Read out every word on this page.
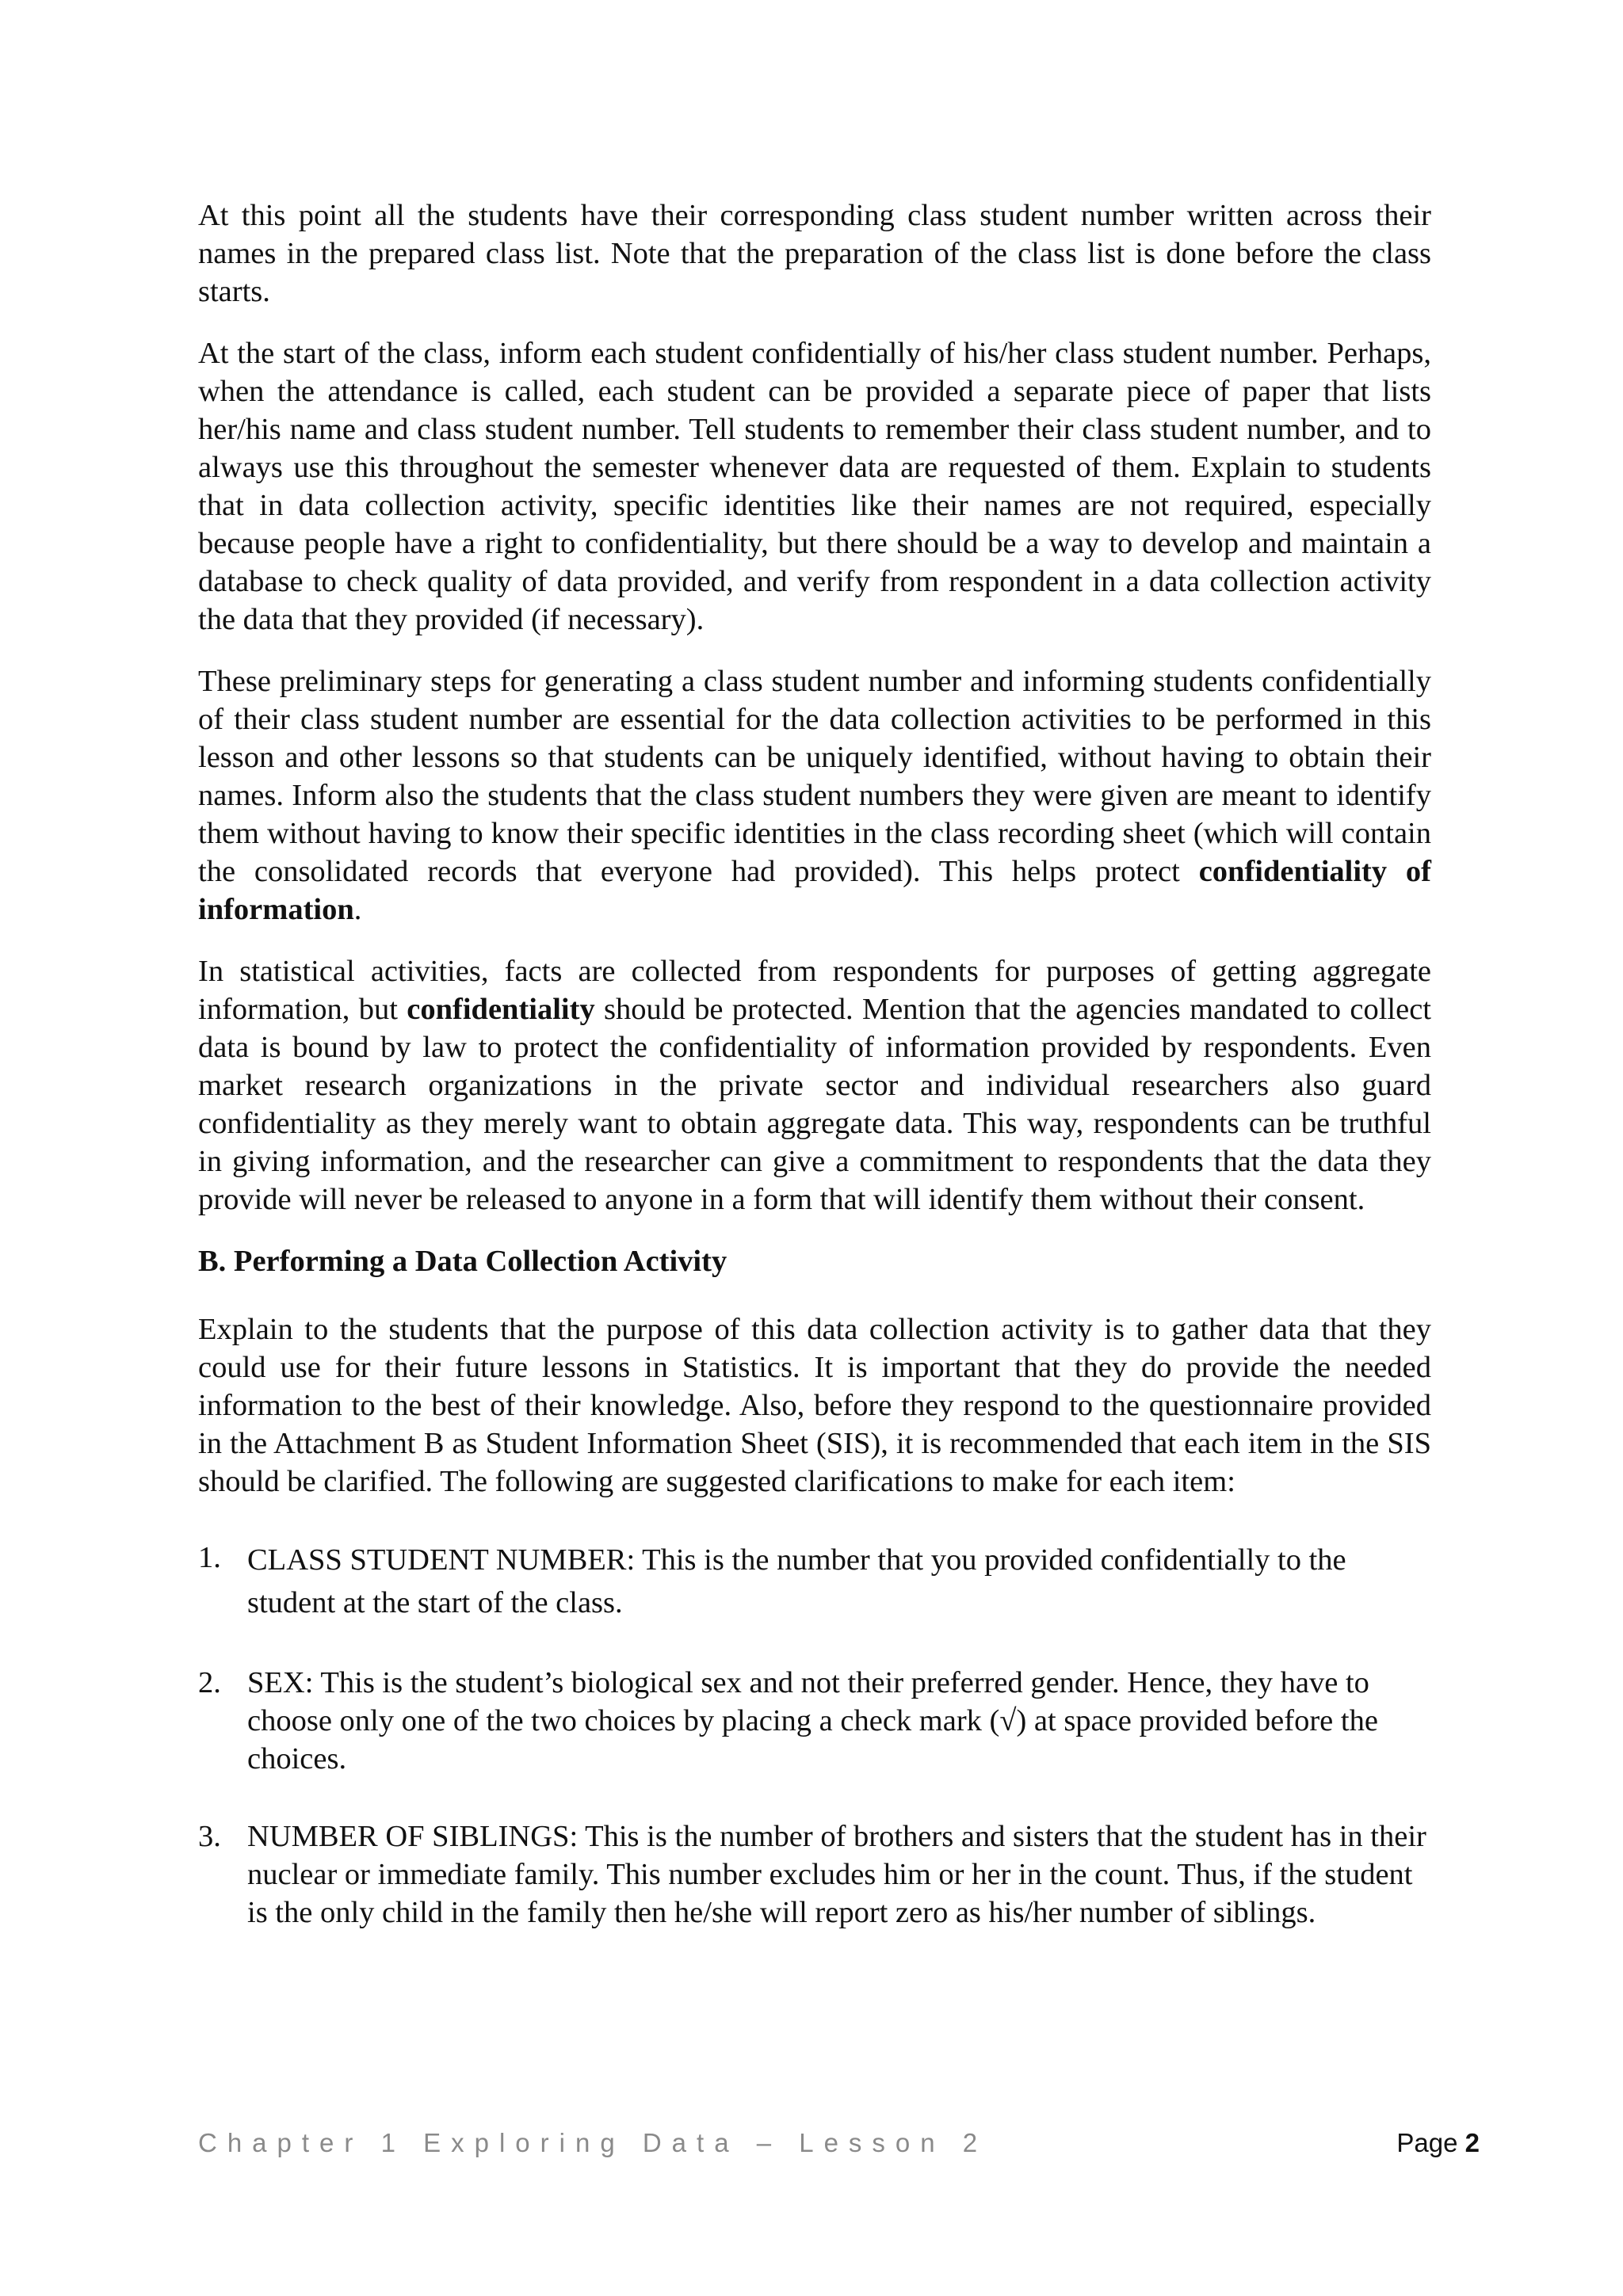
At this point all the students have their corresponding class student number written across their names in the prepared class list. Note that the preparation of the class list is done before the class starts.

At the start of the class, inform each student confidentially of his/her class student number. Perhaps, when the attendance is called, each student can be provided a separate piece of paper that lists her/his name and class student number. Tell students to remember their class student number, and to always use this throughout the semester whenever data are requested of them. Explain to students that in data collection activity, specific identities like their names are not required, especially because people have a right to confidentiality, but there should be a way to develop and maintain a database to check quality of data provided, and verify from respondent in a data collection activity the data that they provided (if necessary).

These preliminary steps for generating a class student number and informing students confidentially of their class student number are essential for the data collection activities to be performed in this lesson and other lessons so that students can be uniquely identified, without having to obtain their names. Inform also the students that the class student numbers they were given are meant to identify them without having to know their specific identities in the class recording sheet (which will contain the consolidated records that everyone had provided). This helps protect confidentiality of information.

In statistical activities, facts are collected from respondents for purposes of getting aggregate information, but confidentiality should be protected. Mention that the agencies mandated to collect data is bound by law to protect the confidentiality of information provided by respondents. Even market research organizations in the private sector and individual researchers also guard confidentiality as they merely want to obtain aggregate data. This way, respondents can be truthful in giving information, and the researcher can give a commitment to respondents that the data they provide will never be released to anyone in a form that will identify them without their consent.

B. Performing a Data Collection Activity

Explain to the students that the purpose of this data collection activity is to gather data that they could use for their future lessons in Statistics. It is important that they do provide the needed information to the best of their knowledge. Also, before they respond to the questionnaire provided in the Attachment B as Student Information Sheet (SIS), it is recommended that each item in the SIS should be clarified. The following are suggested clarifications to make for each item:

1. CLASS STUDENT NUMBER: This is the number that you provided confidentially to the student at the start of the class.
2. SEX: This is the student’s biological sex and not their preferred gender. Hence, they have to choose only one of the two choices by placing a check mark (√) at space provided before the choices.
3. NUMBER OF SIBLINGS: This is the number of brothers and sisters that the student has in their nuclear or immediate family. This number excludes him or her in the count. Thus, if the student is the only child in the family then he/she will report zero as his/her number of siblings.
Chapter 1 Exploring Data – Lesson 2	Page 2
